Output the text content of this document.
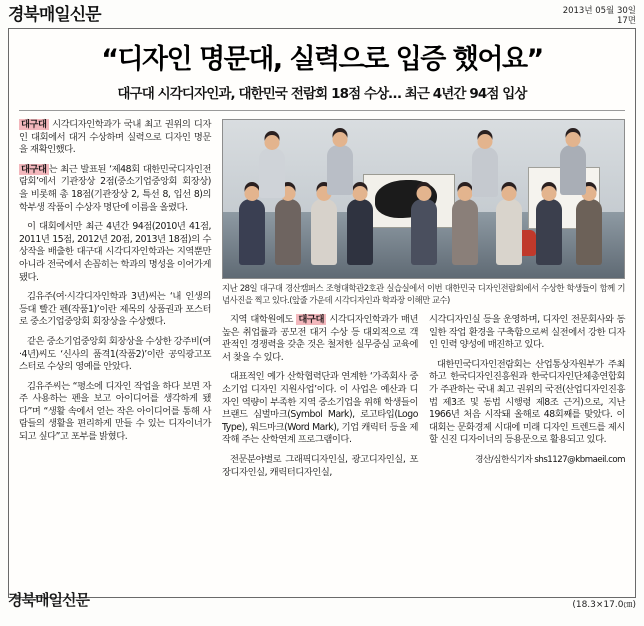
경북매일신문	2013년 05월 30일
17면
“디자인 명문대, 실력으로 입증 했어요”
대구대 시각디자인과, 대한민국 전람회 18점 수상… 최근 4년간 94점 입상

대구대 시각디자인학과가 국내 최고 권위의 디자인 대회에서 대거 수상하며 실력으로 디자인 명문을 재확인했다.

대구대 는 최근 발표된 ‘제48회 대한민국디자인전람회’에서 기관장상 2점(중소기업중앙회 회장상)을 비롯해 총 18점(기관장상 2, 특선 8, 입선 8)의 학부생 작품이 수상자 명단에 이름을 올렸다.

이 대회에서만 최근 4년간 94점(2010년 41점, 2011년 15점, 2012년 20점, 2013년 18점)의 수상작을 배출한 대구대 시각디자인학과는 지역뿐만 아니라 전국에서 손꼽히는 학과의 명성을 이어가게 됐다.

김유주(여·시각디자인학과 3년)씨는 ‘내 인생의 등대 빨간 펜(작품1)’이란 제목의 상품권과 포스터로 중소기업중앙회 회장상을 수상했다.

같은 중소기업중앙회 회장상을 수상한 강주비(여·4년)씨도 ‘신사의 품격1(작품2)’이란 공익광고포스터로 수상의 영예를 안았다.

김유주씨는 “평소에 디자인 작업을 하다 보면 자주 사용하는 펜을 보고 아이디어를 생각하게 됐다”며 “생활 속에서 얻는 작은 아이디어를 통해 사람들의 생활을 편리하게 만들 수 있는 디자이너가 되고 싶다”고 포부를 밝혔다.

지난 28일 대구대 경산캠퍼스 조형대학관2호관 실습실에서 이번 대한민국 디자인전람회에서 수상한 학생들이 함께 기념사진을 찍고 있다.(앞줄 가운데 시각디자인과 학과장 이해만 교수)

지역 대학원에도 대구대 시각디자인학과가 매년 높은 취업률과 공모전 대거 수상 등 대외적으로 객관적인 경쟁력을 갖춘 것은 철저한 실무중심 교육에서 찾을 수 있다.

대표적인 예가 산학협력단과 연계한 ‘가족회사 중소기업 디자인 지원사업’이다. 이 사업은 예산과 디자인 역량이 부족한 지역 중소기업을 위해 학생들이 브랜드 심벌마크(Symbol Mark), 로고타입(Logo Type), 워드마크(Word Mark), 기업 캐릭터 등을 제작해 주는 산학연계 프로그램이다.

전문분야별로 그래픽디자인실, 광고디자인실, 포장디자인실, 캐릭터디자인실,

시각디자인실 등을 운영하며, 디자인 전문회사와 동일한 작업 환경을 구축함으로써 실전에서 강한 디자인 인력 양성에 매진하고 있다.

대한민국디자인전람회는 산업통상자원부가 주최하고 한국디자인진흥원과 한국디자인단체총연합회가 주관하는 국내 최고 권위의 국전(산업디자인진흥법 제3조 및 동법 시행령 제8조 근거)으로, 지난 1966년 처음 시작돼 올해로 48회째를 맞았다. 이 대회는 문화경제 시대에 미래 디자인 트렌드를 제시할 신진 디자이너의 등용문으로 활용되고 있다.

경산/심한식기자 shs1127@kbmaeil.com
경북매일신문	(18.3×17.0㎝)
